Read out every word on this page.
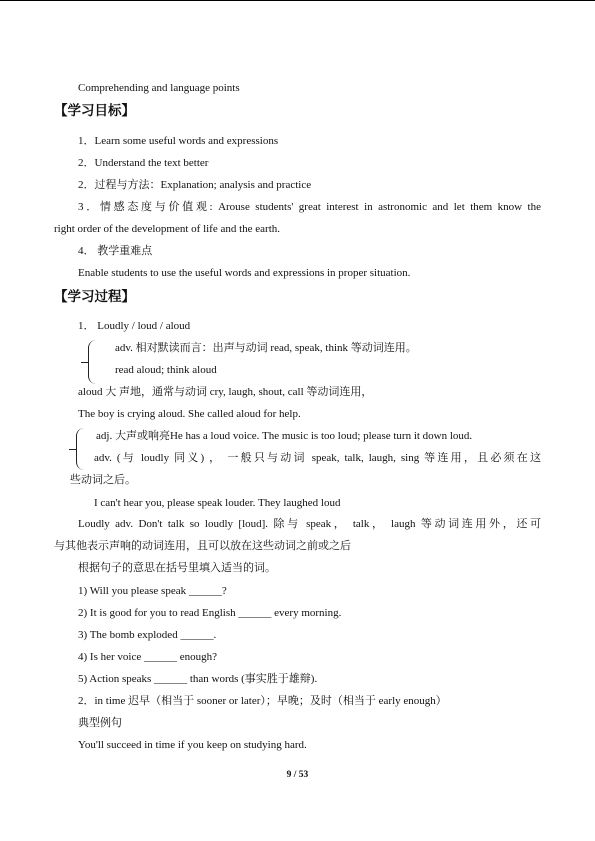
Comprehending and language points
【学习目标】
1．Learn some useful words and expressions
2．Understand the text better
2．过程与方法：Explanation; analysis and practice
3．情感态度与价值观: Arouse students' great interest in astronomic and let them know the
right order of the development of life and the earth.
4． 教学重难点
Enable students to use the useful words and expressions in proper situation.
【学习过程】
1． Loudly / loud / aloud
adv. 相对默读而言：出声与动词 read, speak, think 等动词连用。
read aloud; think aloud
aloud 大 声地，通常与动词 cry, laugh, shout, call 等动词连用，
The boy is crying aloud. She called aloud for help.
adj. 大声或响亮He has a loud voice. The music is too loud; please turn it down loud.
adv. (与 loudly 同义) ， 一般只与动词 speak, talk, laugh, sing 等连用，且必须在这
些动词之后。
I can't hear you, please speak louder. They laughed loud
Loudly adv. Don't talk so loudly [loud]. 除与 speak， talk， laugh 等动词连用外，还可
与其他表示声响的动词连用，且可以放在这些动词之前或之后
根据句子的意思在括号里填入适当的词。
1) Will you please speak ______?
2) It is good for you to read English ______ every morning.
3) The bomb exploded ______.
4) Is her voice ______ enough?
5) Action speaks ______ than words (事实胜于雄辩).
2．in time 迟早（相当于 sooner or later）；早晚；及时（相当于 early enough）
典型例句
You'll succeed in time if you keep on studying hard.
9 / 53
